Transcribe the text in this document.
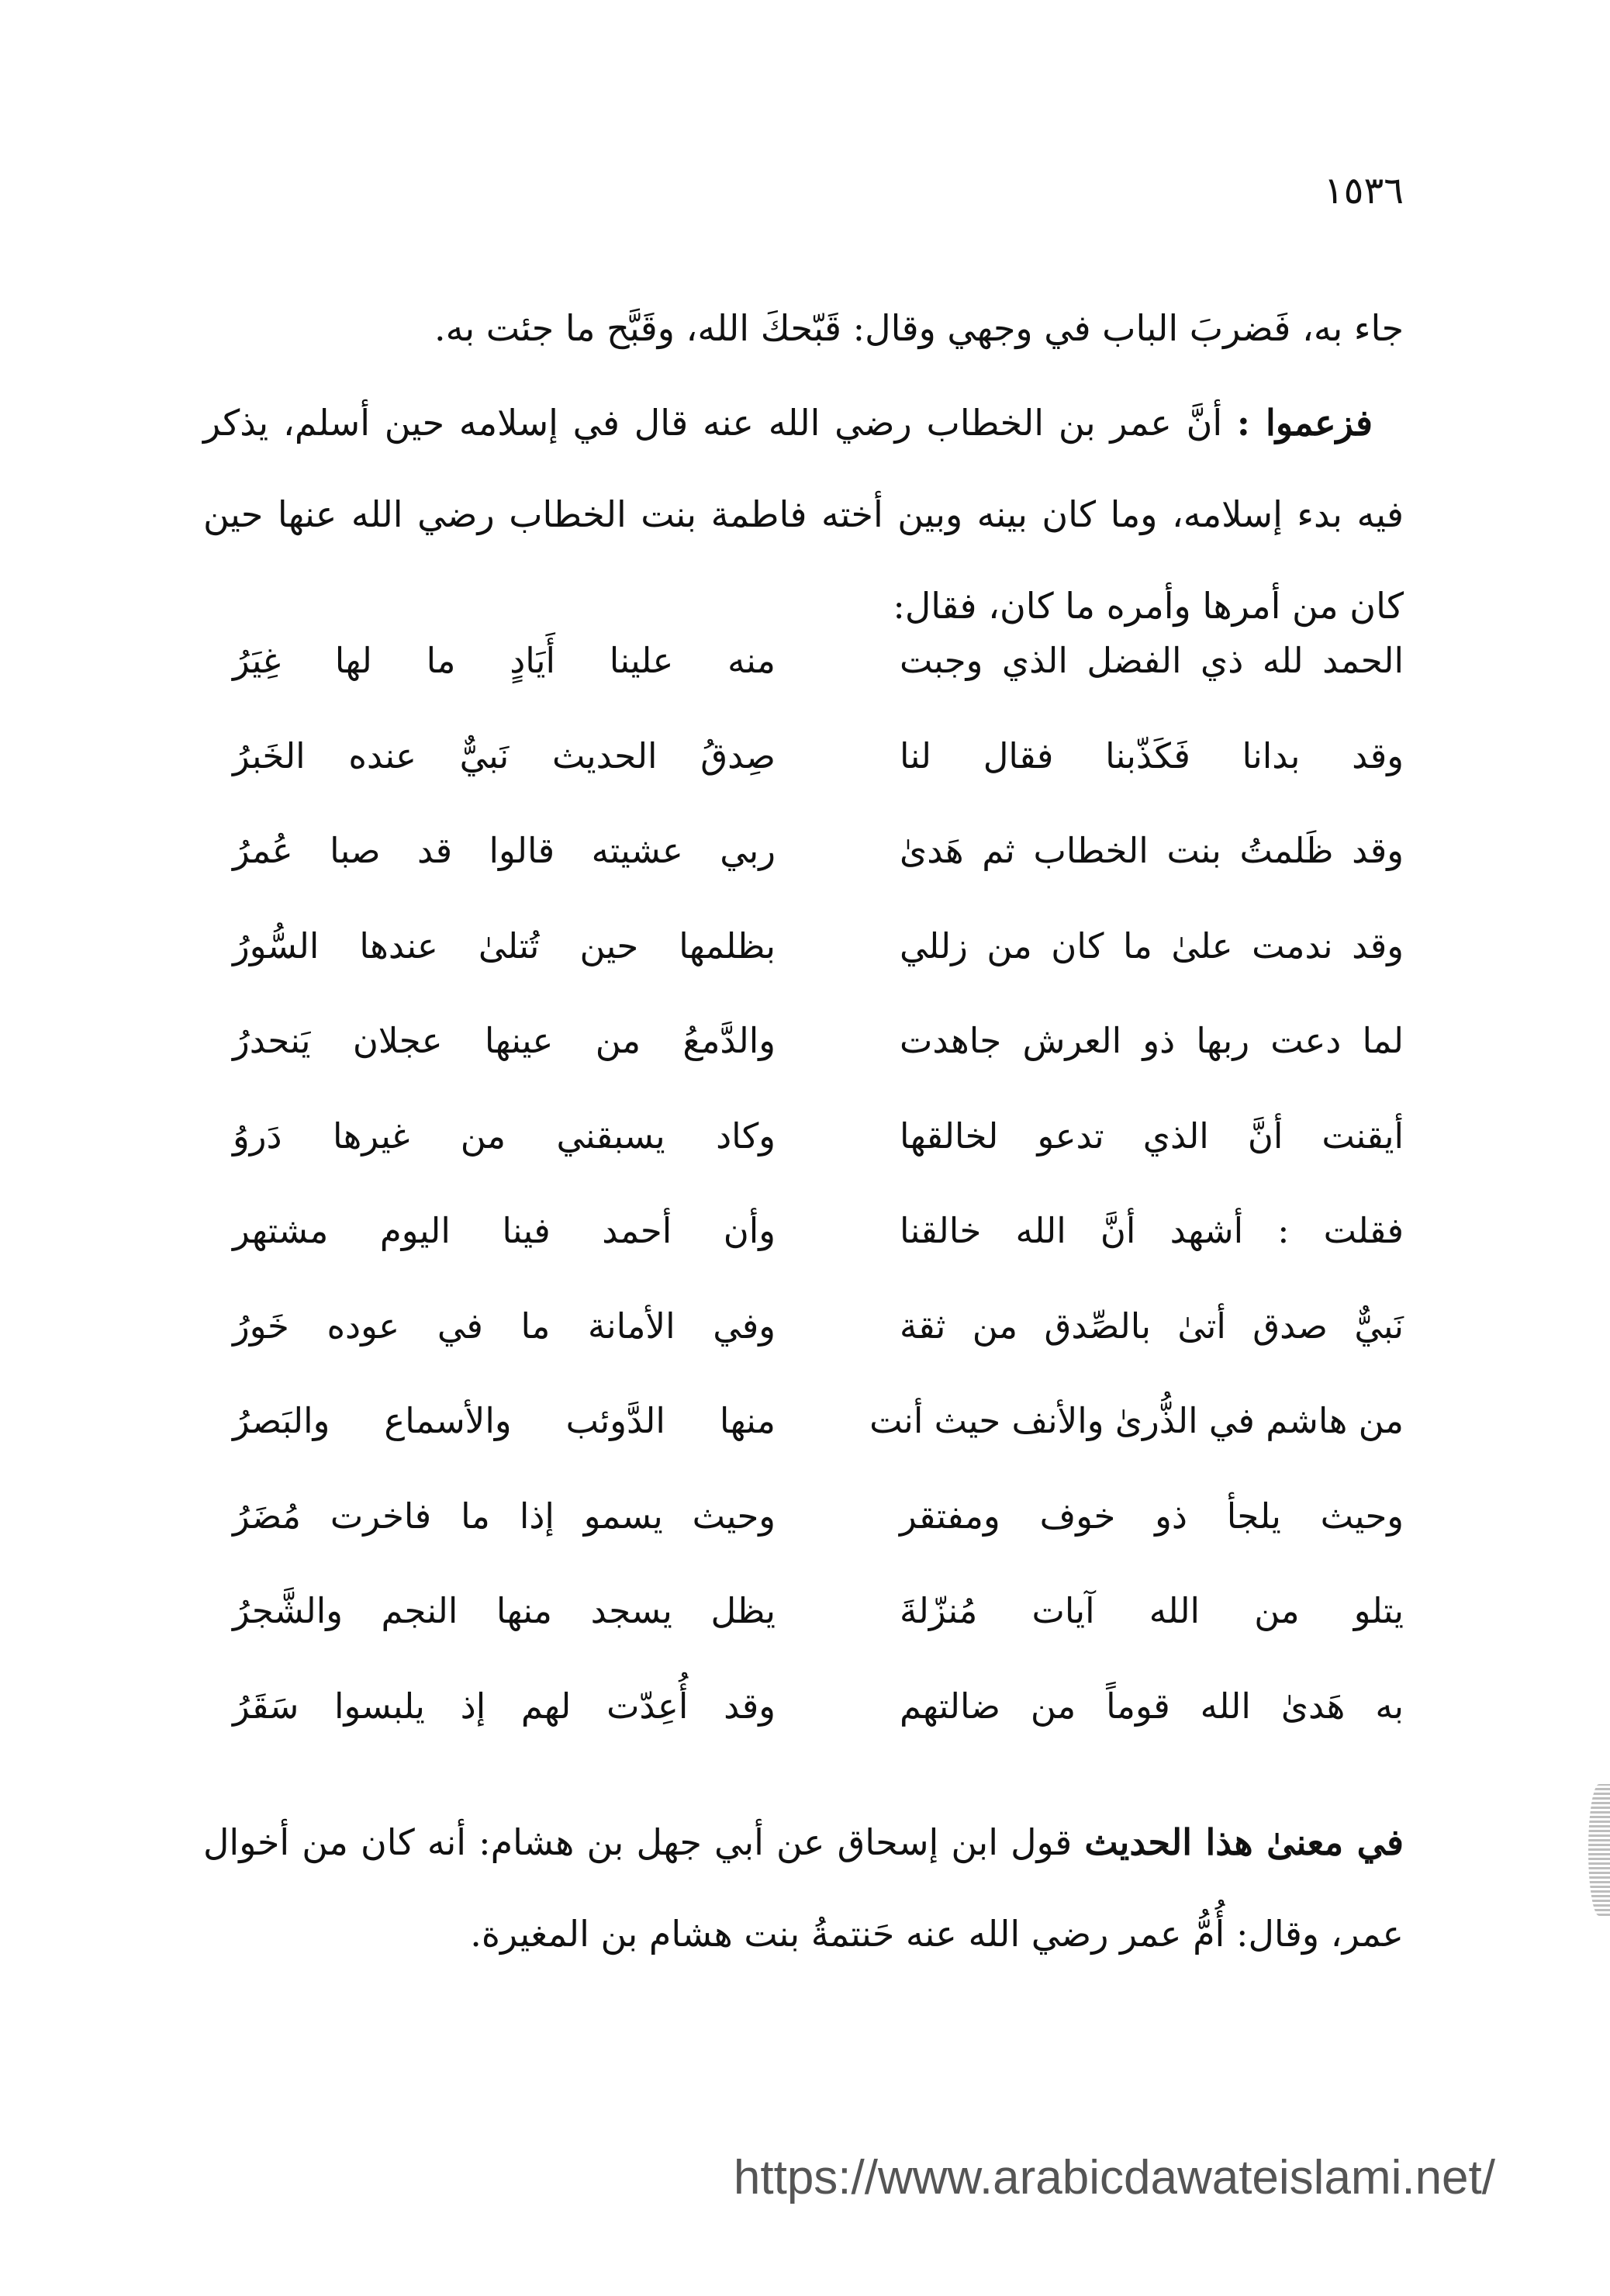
١٥٣٦

جاء به، فَضربَ الباب في وجهي وقال: قَبّحكَ الله، وقَبَّح ما جئت به.

فزعموا : أنَّ عمر بن الخطاب رضي الله عنه قال في إسلامه حين أسلم، يذكر فيه بدء إسلامه، وما كان بينه وبين أخته فاطمة بنت الخطاب رضي الله عنها حين كان من أمرها وأمره ما كان، فقال:

الحمد لله ذي الفضل الذي وجبت
منه علينا أَيَادٍ ما لها غِيَرُ
وقد بدانا فَكَذّبنا فقال لنا
صِدقُ الحديث نَبيٌّ عنده الخَبرُ
وقد ظَلمتُ بنت الخطاب ثم هَدىٰ
ربي عشيته قالوا قد صبا عُمرُ
وقد ندمت علىٰ ما كان من زللي
بظلمها حين تُتلىٰ عندها السُّورُ
لما دعت ربها ذو العرش جاهدت
والدَّمعُ من عينها عجلان يَنحدرُ
أيقنت أنَّ الذي تدعو لخالقها
وكاد يسبقني من غيرها دَروُ
فقلت : أشهد أنَّ الله خالقنا
وأن أحمد فينا اليوم مشتهر
نَبيٌّ صدق أتىٰ بالصِّدق من ثقة
وفي الأمانة ما في عوده خَورُ
من هاشم في الذُّرىٰ والأنف حيث أنت
منها الدَّوئب والأسماع والبَصرُ
وحيث يلجأ ذو خوف ومفتقر
وحيث يسمو إذا ما فاخرت مُضَرُ
يتلو من الله آيات مُنزّلةَ
يظل يسجد منها النجم والشَّجرُ
به هَدىٰ الله قوماً من ضالتهم
وقد أُعِدّت لهم إذ يلبسوا سَقَرُ

في معنىٰ هذا الحديث قول ابن إسحاق عن أبي جهل بن هشام: أنه كان من أخوال عمر، وقال: أُمُّ عمر رضي الله عنه حَنتمةُ بنت هشام بن المغيرة.

https://www.arabicdawateislami.net/
